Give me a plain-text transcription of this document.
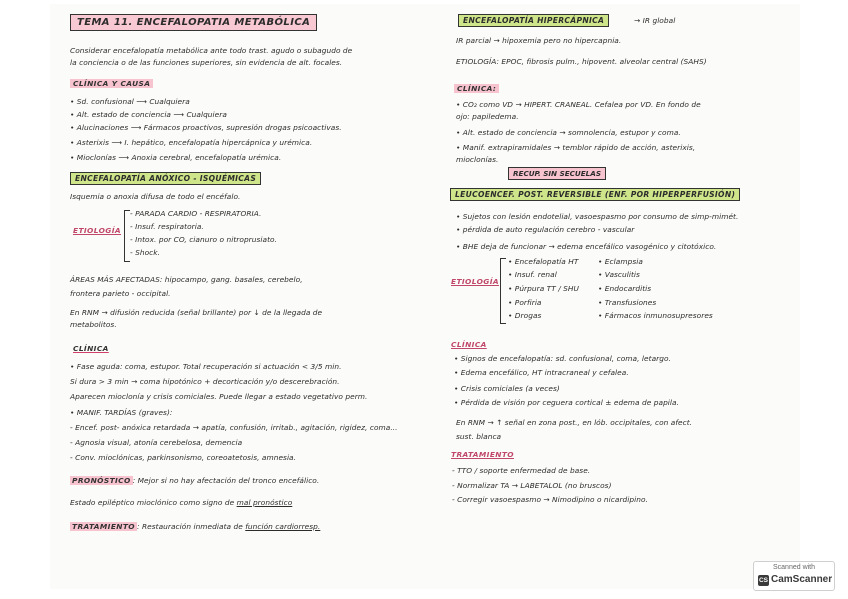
TEMA 11. ENCEFALOPATIA METABÓLICA
Considerar encefalopatía metabólica ante todo trast. agudo o subagudo de
la conciencia o de las funciones superiores, sin evidencia de alt. focales.
CLÍNICA Y CAUSA
• Sd. confusional ⟶ Cualquiera
• Alt. estado de conciencia ⟶ Cualquiera
• Alucinaciones ⟶ Fármacos proactivos, supresión drogas psicoactivas.
• Asterixis ⟶ I. hepático, encefalopatía hipercápnica y urémica.
• Mioclonías ⟶ Anoxia cerebral, encefalopatía urémica.
ENCEFALOPATÍA ANÓXICO - ISQUÉMICAS
Isquemia o anoxia difusa de todo el encéfalo.
ETIOLOGÍA
- PARADA CARDIO - RESPIRATORIA.
- Insuf. respiratoria.
- Intox. por CO, cianuro o nitroprusiato.
- Shock.
ÁREAS MÁS AFECTADAS: hipocampo, gang. basales, cerebelo,
frontera parieto - occipital.
En RNM → difusión reducida (señal brillante) por ↓ de la llegada de
metabolitos.
CLÍNICA
• Fase aguda: coma, estupor. Total recuperación si actuación < 3/5 min.
Si dura > 3 min → coma hipotónico + decorticación y/o descerebración.
Aparecen mioclonía y crisis comiciales. Puede llegar a estado vegetativo perm.
• MANIF. TARDÍAS (graves):
- Encef. post- anóxica retardada → apatía, confusión, irritab., agitación, rigidez, coma...
- Agnosia visual, atonía cerebelosa, demencia
- Conv. mioclónicas, parkinsonismo, coreoatetosis, amnesia.
PRONÓSTICO : Mejor si no hay afectación del tronco encefálico.
Estado epiléptico mioclónico como signo de mal pronóstico
TRATAMIENTO : Restauración inmediata de función cardiorresp.
ENCEFALOPATÍA HIPERCÁPNICA	→ IR global
IR parcial → hipoxemia pero no hipercapnia.
ETIOLOGÍA: EPOC, fibrosis pulm., hipovent. alveolar central (SAHS)
CLÍNICA:
• CO₂ como VD → HIPERT. CRANEAL. Cefalea por VD. En fondo de
ojo: papiledema.
• Alt. estado de conciencia → somnolencia, estupor y coma.
• Manif. extrapiramidales → temblor rápido de acción, asterixis,
mioclonías.
RECUP. SIN SECUELAS
LEUCOENCEF. POST. REVERSIBLE (ENF. POR HIPERPERFUSIÓN)
• Sujetos con lesión endotelial, vasoespasmo por consumo de simp-mimét.
• pérdida de auto regulación cerebro - vascular
• BHE deja de funcionar → edema encefálico vasogénico y citotóxico.
ETIOLOGÍA
• Encefalopatía HT
• Insuf. renal
• Púrpura TT / SHU
• Porfiria
• Drogas
• Eclampsia
• Vasculitis
• Endocarditis
• Transfusiones
• Fármacos inmunosupresores
CLÍNICA
• Signos de encefalopatía: sd. confusional, coma, letargo.
• Edema encefálico, HT intracraneal y cefalea.
• Crisis comiciales (a veces)
• Pérdida de visión por ceguera cortical ± edema de papila.
En RNM → ↑ señal en zona post., en lób. occipitales, con afect.
sust. blanca
TRATAMIENTO
- TTO / soporte enfermedad de base.
- Normalizar TA → LABETALOL (no bruscos)
- Corregir vasoespasmo → Nimodipino o nicardipino.
Scanned with
CS CamScanner
